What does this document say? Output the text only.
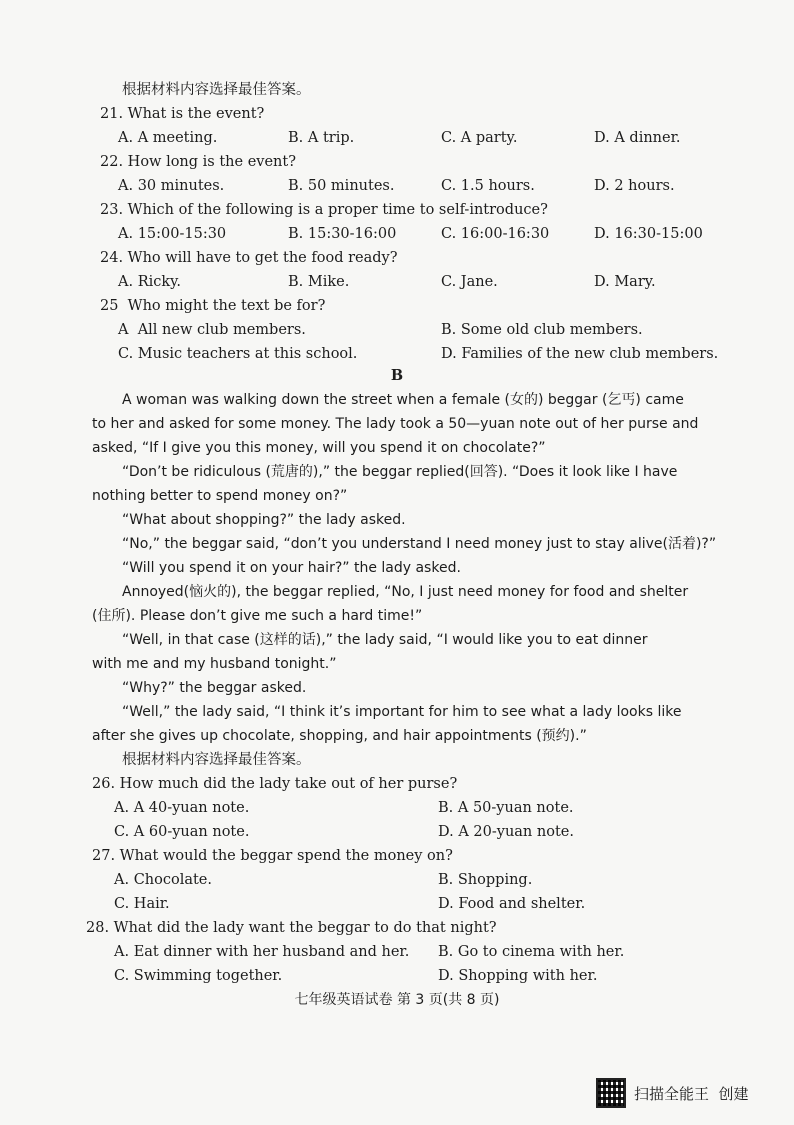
根据材料内容选择最佳答案。
21. What is the event?
A. A meeting.	B. A trip.	C. A party.	D. A dinner.
22. How long is the event?
A. 30 minutes.	B. 50 minutes.	C. 1.5 hours.	D. 2 hours.
23. Which of the following is a proper time to self-introduce?
A. 15:00-15:30	B. 15:30-16:00	C. 16:00-16:30	D. 16:30-15:00
24. Who will have to get the food ready?
A. Ricky.	B. Mike.	C. Jane.	D. Mary.
25  Who might the text be for?
A  All new club members.	B. Some old club members.
C. Music teachers at this school.	D. Families of the new club members.
B
A woman was walking down the street when a female (女的) beggar (乞丐) came
to her and asked for some money. The lady took a 50—yuan note out of her purse and
asked, “If I give you this money, will you spend it on chocolate?”
“Don’t be ridiculous (荒唐的),” the beggar replied(回答). “Does it look like I have
nothing better to spend money on?”
“What about shopping?” the lady asked.
“No,” the beggar said, “don’t you understand I need money just to stay alive(活着)?”
“Will you spend it on your hair?” the lady asked.
Annoyed(恼火的), the beggar replied, “No, I just need money for food and shelter
(住所). Please don’t give me such a hard time!”
“Well, in that case (这样的话),” the lady said, “I would like you to eat dinner
with me and my husband tonight.”
“Why?” the beggar asked.
“Well,” the lady said, “I think it’s important for him to see what a lady looks like
after she gives up chocolate, shopping, and hair appointments (预约).”
根据材料内容选择最佳答案。
26. How much did the lady take out of her purse?
A. A 40-yuan note.	B. A 50-yuan note.
C. A 60-yuan note.	D. A 20-yuan note.
27. What would the beggar spend the money on?
A. Chocolate.	B. Shopping.
C. Hair.	D. Food and shelter.
28. What did the lady want the beggar to do that night?
A. Eat dinner with her husband and her. B. Go to cinema with her.
C. Swimming together.	D. Shopping with her.
七年级英语试卷 第 3 页(共 8 页)
扫描全能王  创建
